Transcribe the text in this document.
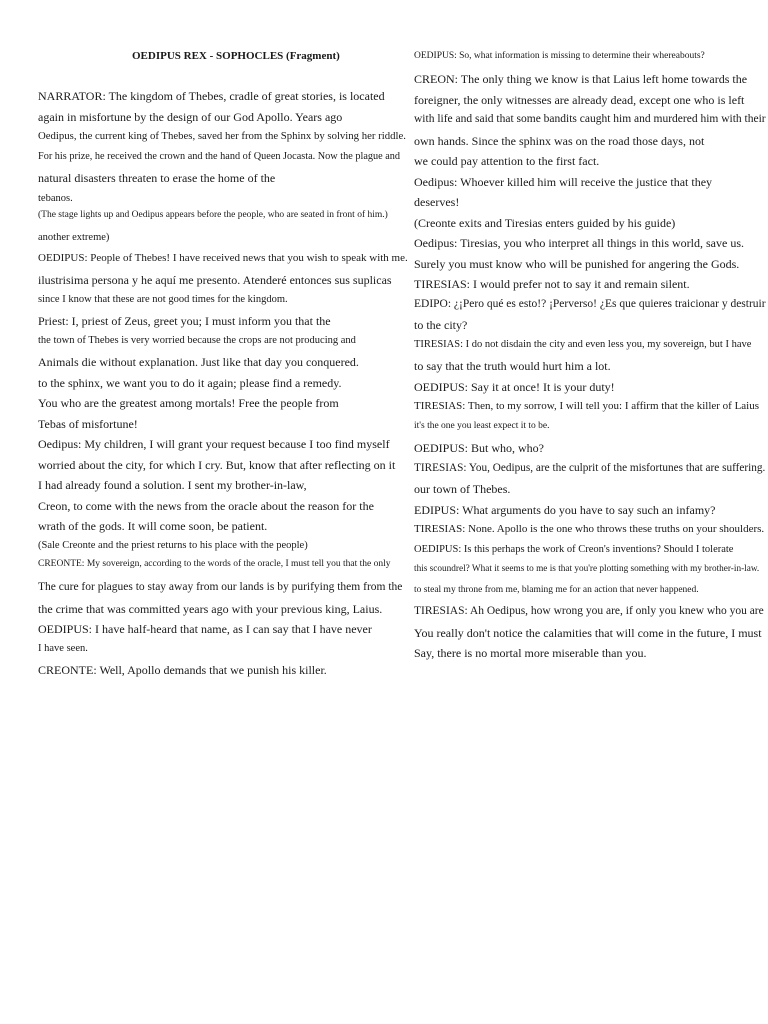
OEDIPUS REX - SOPHOCLES (Fragment)
NARRATOR: The kingdom of Thebes, cradle of great stories, is located
again in misfortune by the design of our God Apollo. Years ago
Oedipus, the current king of Thebes, saved her from the Sphinx by solving her riddle.
For his prize, he received the crown and the hand of Queen Jocasta. Now the plague and
natural disasters threaten to erase the home of the
tebanos.
(The stage lights up and Oedipus appears before the people, who are seated in front of him.)
another extreme)
OEDIPUS: People of Thebes! I have received news that you wish to speak with me.
ilustrisima persona y he aquí me presento. Atenderé entonces sus suplicas
since I know that these are not good times for the kingdom.
Priest: I, priest of Zeus, greet you; I must inform you that the
the town of Thebes is very worried because the crops are not producing and
Animals die without explanation. Just like that day you conquered.
to the sphinx, we want you to do it again; please find a remedy.
You who are the greatest among mortals! Free the people from
Tebas of misfortune!
Oedipus: My children, I will grant your request because I too find myself
worried about the city, for which I cry. But, know that after reflecting on it
I had already found a solution. I sent my brother-in-law,
Creon, to come with the news from the oracle about the reason for the
wrath of the gods. It will come soon, be patient.
(Sale Creonte and the priest returns to his place with the people)
CREONTE: My sovereign, according to the words of the oracle, I must tell you that the only
The cure for plagues to stay away from our lands is by purifying them from the
the crime that was committed years ago with your previous king, Laius.
OEDIPUS: I have half-heard that name, as I can say that I have never
I have seen.
CREONTE: Well, Apollo demands that we punish his killer.
OEDIPUS: So, what information is missing to determine their whereabouts?
CREON: The only thing we know is that Laius left home towards the
foreigner, the only witnesses are already dead, except one who is left
with life and said that some bandits caught him and murdered him with their
own hands. Since the sphinx was on the road those days, not
we could pay attention to the first fact.
Oedipus: Whoever killed him will receive the justice that they
deserves!
(Creonte exits and Tiresias enters guided by his guide)
Oedipus: Tiresias, you who interpret all things in this world, save us.
Surely you must know who will be punished for angering the Gods.
TIRESIAS: I would prefer not to say it and remain silent.
EDIPO: ¿¡Pero qué es esto!? ¡Perverso! ¿Es que quieres traicionar y destruir
to the city?
TIRESIAS: I do not disdain the city and even less you, my sovereign, but I have
to say that the truth would hurt him a lot.
OEDIPUS: Say it at once! It is your duty!
TIRESIAS: Then, to my sorrow, I will tell you: I affirm that the killer of Laius
it's the one you least expect it to be.
OEDIPUS: But who, who?
TIRESIAS: You, Oedipus, are the culprit of the misfortunes that are suffering.
our town of Thebes.
EDIPUS: What arguments do you have to say such an infamy?
TIRESIAS: None. Apollo is the one who throws these truths on your shoulders.
OEDIPUS: Is this perhaps the work of Creon's inventions? Should I tolerate
this scoundrel? What it seems to me is that you're plotting something with my brother-in-law.
to steal my throne from me, blaming me for an action that never happened.
TIRESIAS: Ah Oedipus, how wrong you are, if only you knew who you are
You really don't notice the calamities that will come in the future, I must
Say, there is no mortal more miserable than you.
